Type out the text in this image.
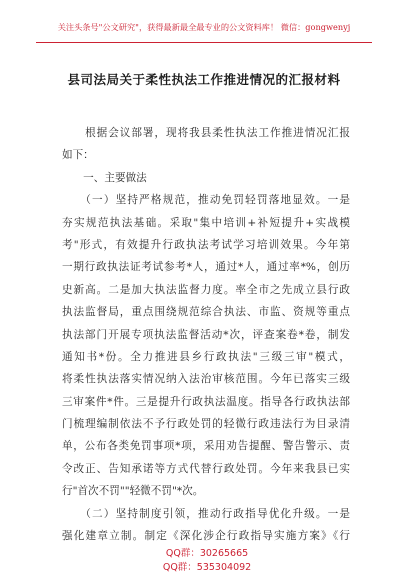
关注头条号"公文研究"，获得最新最全最专业的公文资料库！ 微信：gongwenyj
县司法局关于柔性执法工作推进情况的汇报材料
　　根据会议部署，现将我县柔性执法工作推进情况汇报
如下：
　　一、主要做法
　　（一）坚持严格规范，推动免罚轻罚落地显效。一是
夯实规范执法基础。采取"集中培训+补短提升+实战模
考"形式，有效提升行政执法考试学习培训效果。今年第
一期行政执法证考试参考*人，通过*人，通过率*%，创历
史新高。二是加大执法监督力度。率全市之先成立县行政
执法监督局，重点围绕规范综合执法、市监、资规等重点
执法部门开展专项执法监督活动*次，评查案卷*卷，制发
通知书*份。全力推进县乡行政执法"三级三审"模式，
将柔性执法落实情况纳入法治审核范围。今年已落实三级
三审案件*件。三是提升行政执法温度。指导各行政执法部
门梳理编制依法不予行政处罚的轻微行政违法行为目录清
单，公布各类免罚事项*项，采用劝告提醒、警告警示、责
令改正、告知承诺等方式代替行政处罚。今年来我县已实
行"首次不罚""轻微不罚"*次。
　　（二）坚持制度引领，推动行政指导优化升级。一是
强化建章立制。制定《深化涉企行政指导实施方案》《行

QQ群：30265665
QQ群：535304092
